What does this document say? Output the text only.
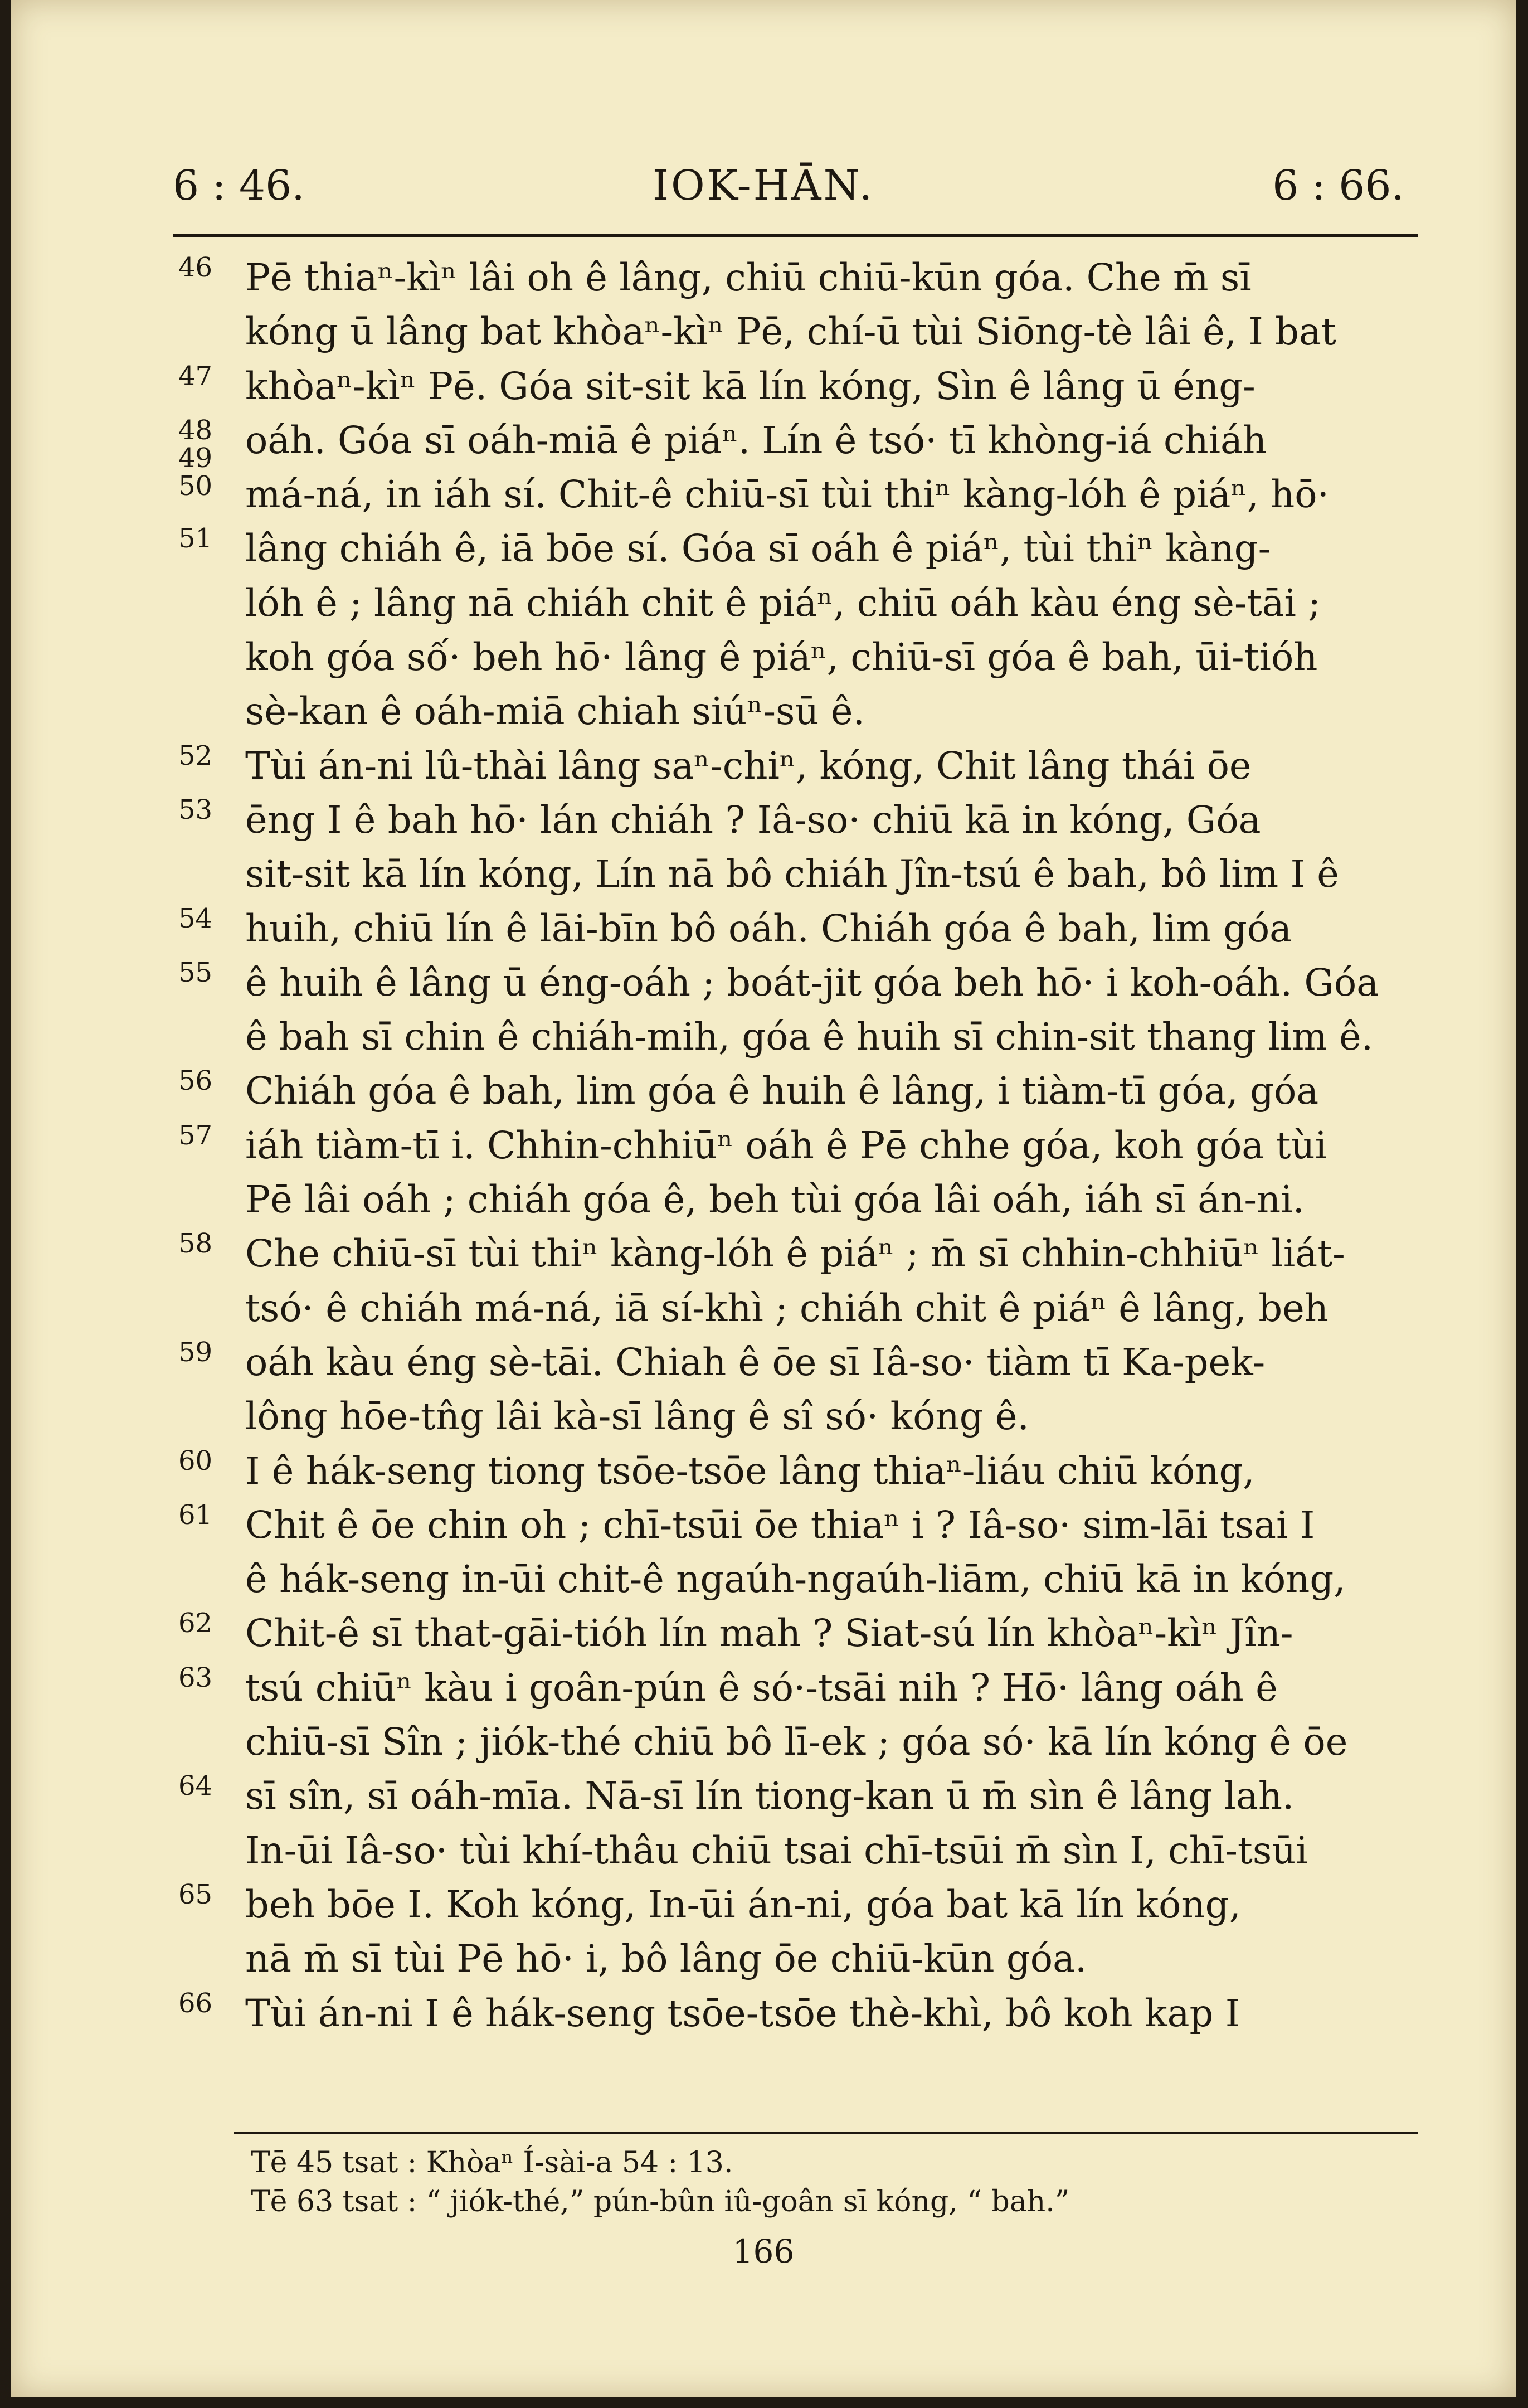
6 : 46.	IOK-HĀN.	6 : 66.
46 Pē thiaⁿ-kìⁿ lâi oh ê lâng, chiū chiū-kūn góa. Che m̄ sī
kóng ū lâng bat khòaⁿ-kìⁿ Pē, chí-ū tùi Siōng-tè lâi ê, I bat
47 khòaⁿ-kìⁿ Pē. Góa sit-sit kā lín kóng, Sìn ê lâng ū éng-
48 oáh. Góa sī oáh-miā ê piáⁿ. Lín ê tsó· tī khòng-iá chiáh
49
50 má-ná, in iáh sí. Chit-ê chiū-sī tùi thiⁿ kàng-lóh ê piáⁿ, hō·
51 lâng chiáh ê, iā bōe sí. Góa sī oáh ê piáⁿ, tùi thiⁿ kàng-
lóh ê ; lâng nā chiáh chit ê piáⁿ, chiū oáh kàu éng sè-tāi ;
koh góa số· beh hō· lâng ê piáⁿ, chiū-sī góa ê bah, ūi-tióh
sè-kan ê oáh-miā chiah siúⁿ-sū ê.
52 Tùi án-ni lû-thài lâng saⁿ-chiⁿ, kóng, Chit lâng thái ōe
53 ēng I ê bah hō· lán chiáh ? Iâ-so· chiū kā in kóng, Góa
sit-sit kā lín kóng, Lín nā bô chiáh Jîn-tsú ê bah, bô lim I ê
54 huih, chiū lín ê lāi-bīn bô oáh. Chiáh góa ê bah, lim góa
55 ê huih ê lâng ū éng-oáh ; boát-jit góa beh hō· i koh-oáh. Góa
ê bah sī chin ê chiáh-mih, góa ê huih sī chin-sit thang lim ê.
56 Chiáh góa ê bah, lim góa ê huih ê lâng, i tiàm-tī góa, góa
57 iáh tiàm-tī i. Chhin-chhiūⁿ oáh ê Pē chhe góa, koh góa tùi
Pē lâi oáh ; chiáh góa ê, beh tùi góa lâi oáh, iáh sī án-ni.
58 Che chiū-sī tùi thiⁿ kàng-lóh ê piáⁿ ; m̄ sī chhin-chhiūⁿ liát-
tsó· ê chiáh má-ná, iā sí-khì ; chiáh chit ê piáⁿ ê lâng, beh
59 oáh kàu éng sè-tāi. Chiah ê ōe sī Iâ-so· tiàm tī Ka-pek-
lông hōe-tn̂g lâi kà-sī lâng ê sî só· kóng ê.
60 I ê hák-seng tiong tsōe-tsōe lâng thiaⁿ-liáu chiū kóng,
61 Chit ê ōe chin oh ; chī-tsūi ōe thiaⁿ i ? Iâ-so· sim-lāi tsai I
ê hák-seng in-ūi chit-ê ngaúh-ngaúh-liām, chiū kā in kóng,
62 Chit-ê sī that-gāi-tióh lín mah ? Siat-sú lín khòaⁿ-kìⁿ Jîn-
63 tsú chiūⁿ kàu i goân-pún ê só·-tsāi nih ? Hō· lâng oáh ê
chiū-sī Sîn ; jiók-thé chiū bô lī-ek ; góa só· kā lín kóng ê ōe
64 sī sîn, sī oáh-mīa. Nā-sī lín tiong-kan ū m̄ sìn ê lâng lah.
In-ūi Iâ-so· tùi khí-thâu chiū tsai chī-tsūi m̄ sìn I, chī-tsūi
65 beh bōe I. Koh kóng, In-ūi án-ni, góa bat kā lín kóng,
nā m̄ sī tùi Pē hō· i, bô lâng ōe chiū-kūn góa.
66 Tùi án-ni I ê hák-seng tsōe-tsōe thè-khì, bô koh kap I
Tē 45 tsat : Khòaⁿ Í-sài-a 54 : 13.
Tē 63 tsat : “ jiók-thé,” pún-bûn iû-goân sī kóng, “ bah.”
166
